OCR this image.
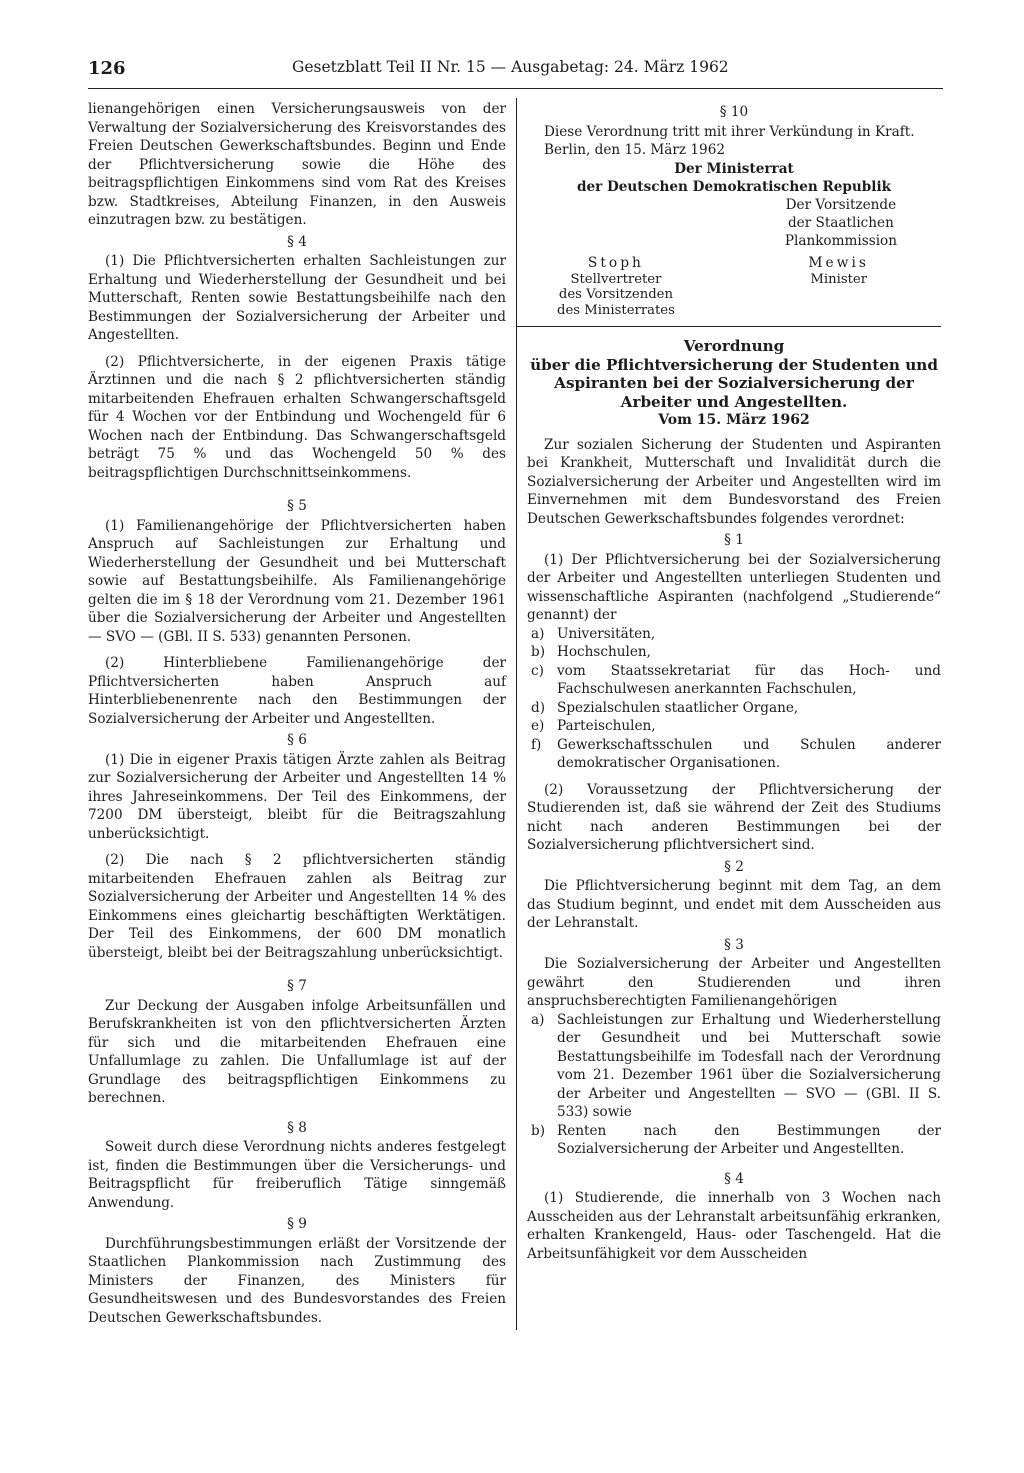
126	Gesetzblatt Teil II Nr. 15 — Ausgabetag: 24. März 1962

lienangehörigen einen Versicherungsausweis von der Verwaltung der Sozialversicherung des Kreisvorstandes des Freien Deutschen Gewerkschaftsbundes. Beginn und Ende der Pflichtversicherung sowie die Höhe des beitragspflichtigen Einkommens sind vom Rat des Kreises bzw. Stadtkreises, Abteilung Finanzen, in den Ausweis einzutragen bzw. zu bestätigen.

§ 4

(1) Die Pflichtversicherten erhalten Sachleistungen zur Erhaltung und Wiederherstellung der Gesundheit und bei Mutterschaft, Renten sowie Bestattungsbeihilfe nach den Bestimmungen der Sozialversicherung der Arbeiter und Angestellten.

(2) Pflichtversicherte, in der eigenen Praxis tätige Ärztinnen und die nach § 2 pflichtversicherten ständig mitarbeitenden Ehefrauen erhalten Schwangerschaftsgeld für 4 Wochen vor der Entbindung und Wochengeld für 6 Wochen nach der Entbindung. Das Schwangerschaftsgeld beträgt 75 % und das Wochengeld 50 % des beitragspflichtigen Durchschnittseinkommens.

§ 5

(1) Familienangehörige der Pflichtversicherten haben Anspruch auf Sachleistungen zur Erhaltung und Wiederherstellung der Gesundheit und bei Mutterschaft sowie auf Bestattungsbeihilfe. Als Familienangehörige gelten die im § 18 der Verordnung vom 21. Dezember 1961 über die Sozialversicherung der Arbeiter und Angestellten — SVO — (GBl. II S. 533) genannten Personen.

(2) Hinterbliebene Familienangehörige der Pflichtversicherten haben Anspruch auf Hinterbliebenenrente nach den Bestimmungen der Sozialversicherung der Arbeiter und Angestellten.

§ 6

(1) Die in eigener Praxis tätigen Ärzte zahlen als Beitrag zur Sozialversicherung der Arbeiter und Angestellten 14 % ihres Jahreseinkommens. Der Teil des Einkommens, der 7200 DM übersteigt, bleibt für die Beitragszahlung unberücksichtigt.

(2) Die nach § 2 pflichtversicherten ständig mitarbeitenden Ehefrauen zahlen als Beitrag zur Sozialversicherung der Arbeiter und Angestellten 14 % des Einkommens eines gleichartig beschäftigten Werktätigen. Der Teil des Einkommens, der 600 DM monatlich übersteigt, bleibt bei der Beitragszahlung unberücksichtigt.

§ 7

Zur Deckung der Ausgaben infolge Arbeitsunfällen und Berufskrankheiten ist von den pflichtversicherten Ärzten für sich und die mitarbeitenden Ehefrauen eine Unfallumlage zu zahlen. Die Unfallumlage ist auf der Grundlage des beitragspflichtigen Einkommens zu berechnen.

§ 8

Soweit durch diese Verordnung nichts anderes festgelegt ist, finden die Bestimmungen über die Versicherungs- und Beitragspflicht für freiberuflich Tätige sinngemäß Anwendung.

§ 9

Durchführungsbestimmungen erläßt der Vorsitzende der Staatlichen Plankommission nach Zustimmung des Ministers der Finanzen, des Ministers für Gesundheitswesen und des Bundesvorstandes des Freien Deutschen Gewerkschaftsbundes.

§ 10

Diese Verordnung tritt mit ihrer Verkündung in Kraft.

Berlin, den 15. März 1962

Der Ministerrat
der Deutschen Demokratischen Republik
Der Vorsitzende
der Staatlichen
Plankommission
Stoph
Stellvertreter
des Vorsitzenden
des Ministerrates
Mewis
Minister
Verordnung
über die Pflichtversicherung der Studenten und Aspiranten bei der Sozialversicherung der Arbeiter und Angestellten.
Vom 15. März 1962

Zur sozialen Sicherung der Studenten und Aspiranten bei Krankheit, Mutterschaft und Invalidität durch die Sozialversicherung der Arbeiter und Angestellten wird im Einvernehmen mit dem Bundesvorstand des Freien Deutschen Gewerkschaftsbundes folgendes verordnet:

§ 1

(1) Der Pflichtversicherung bei der Sozialversicherung der Arbeiter und Angestellten unterliegen Studenten und wissenschaftliche Aspiranten (nachfolgend „Studierende“ genannt) der

a) Universitäten,
b) Hochschulen,
c) vom Staatssekretariat für das Hoch- und Fachschulwesen anerkannten Fachschulen,
d) Spezialschulen staatlicher Organe,
e) Parteischulen,
f)	Gewerkschaftsschulen und Schulen anderer demokratischer Organisationen.

(2) Voraussetzung der Pflichtversicherung der Studierenden ist, daß sie während der Zeit des Studiums nicht nach anderen Bestimmungen bei der Sozialversicherung pflichtversichert sind.

§ 2

Die Pflichtversicherung beginnt mit dem Tag, an dem das Studium beginnt, und endet mit dem Ausscheiden aus der Lehranstalt.

§ 3

Die Sozialversicherung der Arbeiter und Angestellten gewährt den Studierenden und ihren anspruchsberechtigten Familienangehörigen

a) Sachleistungen zur Erhaltung und Wiederherstellung der Gesundheit und bei Mutterschaft sowie Bestattungsbeihilfe im Todesfall nach der Verordnung vom 21. Dezember 1961 über die Sozialversicherung der Arbeiter und Angestellten — SVO — (GBl. II S. 533) sowie
b) Renten nach den Bestimmungen der Sozialversicherung der Arbeiter und Angestellten.
§ 4

(1) Studierende, die innerhalb von 3 Wochen nach Ausscheiden aus der Lehranstalt arbeitsunfähig erkranken, erhalten Krankengeld, Haus- oder Taschengeld. Hat die Arbeitsunfähigkeit vor dem Ausscheiden
